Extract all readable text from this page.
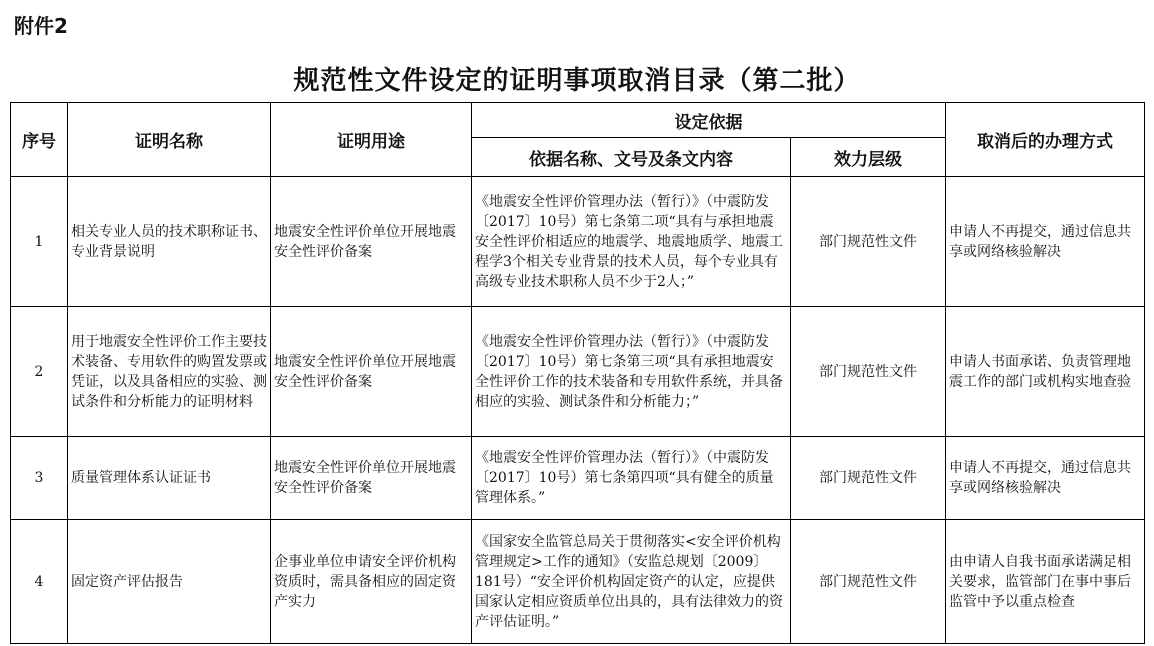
附件2
规范性文件设定的证明事项取消目录（第二批）
序号	证明名称	证明用途	设定依据		取消后的办理方式
			依据名称、文号及条文内容	效力层级	
1	相关专业人员的技术职称证书、专业背景说明	地震安全性评价单位开展地震安全性评价备案	《地震安全性评价管理办法（暂行）》（中震防发〔2017〕10号）第七条第二项“具有与承担地震安全性评价相适应的地震学、地震地质学、地震工程学3个相关专业背景的技术人员，每个专业具有高级专业技术职称人员不少于2人；”	部门规范性文件	申请人不再提交，通过信息共享或网络核验解决
2	用于地震安全性评价工作主要技术装备、专用软件的购置发票或凭证，以及具备相应的实验、测试条件和分析能力的证明材料	地震安全性评价单位开展地震安全性评价备案	《地震安全性评价管理办法（暂行）》（中震防发〔2017〕10号）第七条第三项“具有承担地震安全性评价工作的技术装备和专用软件系统，并具备相应的实验、测试条件和分析能力；”	部门规范性文件	申请人书面承诺、负责管理地震工作的部门或机构实地查验
3	质量管理体系认证证书	地震安全性评价单位开展地震安全性评价备案	《地震安全性评价管理办法（暂行）》（中震防发〔2017〕10号）第七条第四项“具有健全的质量管理体系。”	部门规范性文件	申请人不再提交，通过信息共享或网络核验解决
4	固定资产评估报告	企事业单位申请安全评价机构资质时，需具备相应的固定资产实力	《国家安全监管总局关于贯彻落实<安全评价机构管理规定>工作的通知》（安监总规划〔2009〕181号）“安全评价机构固定资产的认定，应提供国家认定相应资质单位出具的，具有法律效力的资产评估证明。”	部门规范性文件	由申请人自我书面承诺满足相关要求，监管部门在事中事后监管中予以重点检查
